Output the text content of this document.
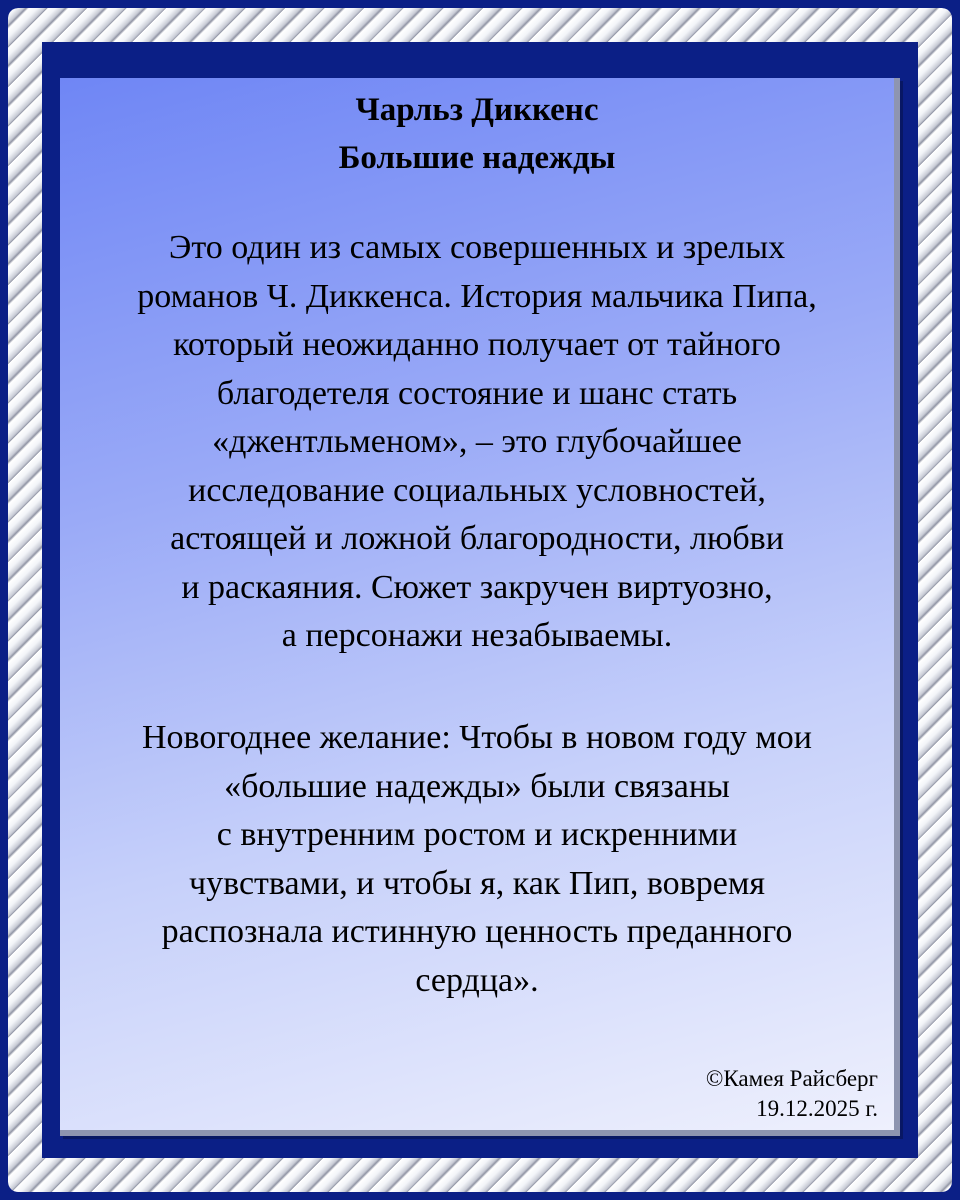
Чарльз Диккенс
Большие надежды
Это один из самых совершенных и зрелых
романов Ч. Диккенса. История мальчика Пипа,
который неожиданно получает от тайного
благодетеля состояние и шанс стать
«джентльменом», – это глубочайшее
исследование социальных условностей,
астоящей и ложной благородности, любви
и раскаяния. Сюжет закручен виртуозно,
а персонажи незабываемы.
Новогоднее желание: Чтобы в новом году мои
«большие надежды» были связаны
с внутренним ростом и искренними
чувствами, и чтобы я, как Пип, вовремя
распознала истинную ценность преданного
сердца».
©Камея Райсберг
19.12.2025 г.
